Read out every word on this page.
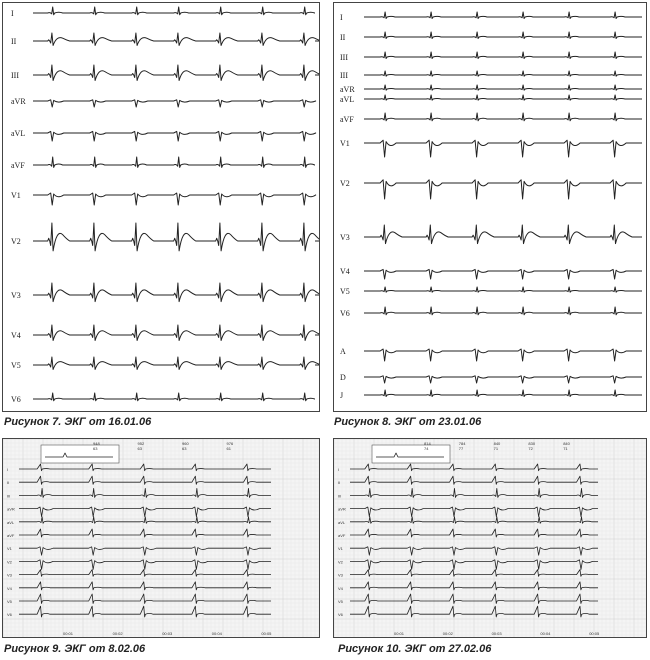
I
II
III
aVR
aVL
aVF
V1
V2
V3
V4
V5
V6
Рисунок 7. ЭКГ от 16.01.06
I
II
III
III
aVR
aVL
aVF
V1
V2
V3
V4
V5
V6
A
D
J
Рисунок 8. ЭКГ от 23.01.06
948
63
952
63
960
63
976
61
I
II
III
aVR
aVL
aVF
V1
V2
V3
V4
V5
V6
00:01	00:02	00:03	00:04	00:05
Рисунок 9. ЭКГ от 8.02.06
814
74
784
77
840
71
830
72
840
71
I
II
III
aVR
aVL
aVF
V1
V2
V3
V4
V5
V6
00:01	00:02	00:03	00:04	00:05
Рисунок 10. ЭКГ от 27.02.06
